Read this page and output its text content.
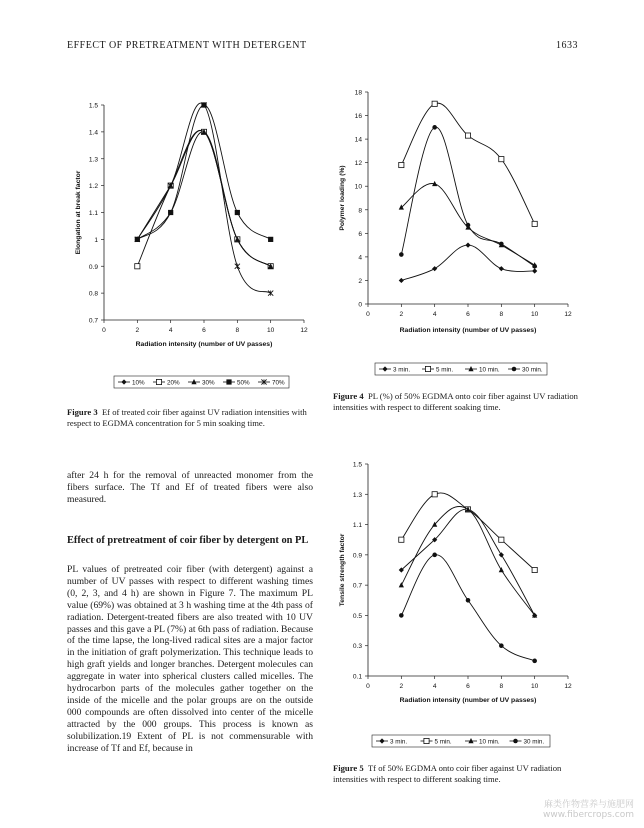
EFFECT OF PRETREATMENT WITH DETERGENT	1633
0.7
0.8
0.9
1
1.1
1.2
1.3
1.4
1.5
0	2	4	6	8	10	12
Radiation intensity (number of UV passes)
Elongation at break factor
10%	20%	30%	50%	70%
Figure 3 Ef of treated coir fiber against UV radiation intensities with respect to EGDMA concentration for 5 min soaking time.
0
2
4
6
8
10
12
14
16
18
0	2	4	6	8	10	12
Radiation intensity (number of UV passes)
Polymer loading (%)
3 min.	5 min.	10 min.	30 min.
Figure 4 PL (%) of 50% EGDMA onto coir fiber against UV radiation intensities with respect to different soaking time.
0.1
0.3
0.5
0.7
0.9
1.1
1.3
1.5
0	2	4	6	8	10	12
Radiation intensity (number of UV passes)
Tensile strength factor
3 min.	5 min.	10 min.	30 min.
Figure 5 Tf of 50% EGDMA onto coir fiber against UV radiation intensities with respect to different soaking time.
after 24 h for the removal of unreacted monomer from the fibers surface. The Tf and Ef of treated fibers were also measured.
Effect of pretreatment of coir fiber by detergent on PL
PL values of pretreated coir fiber (with detergent) against a number of UV passes with respect to different washing times (0, 2, 3, and 4 h) are shown in Figure 7. The maximum PL value (69%) was obtained at 3 h washing time at the 4th pass of radiation. Detergent-treated fibers are also treated with 10 UV passes and this gave a PL (7%) at 6th pass of radiation. Because of the time lapse, the long-lived radical sites are a major factor in the initiation of graft polymerization. This technique leads to high graft yields and longer branches. Detergent molecules can aggregate in water into spherical clusters called micelles. The hydrocarbon parts of the molecules gather together on the inside of the micelle and the polar groups are on the outside 000 compounds are often dissolved into center of the micelle attracted by the 000 groups. This process is known as solubilization.19 Extent of PL is not commensurable with increase of Tf and Ef, because in
麻类作物营养与施肥网
www.fibercrops.com
